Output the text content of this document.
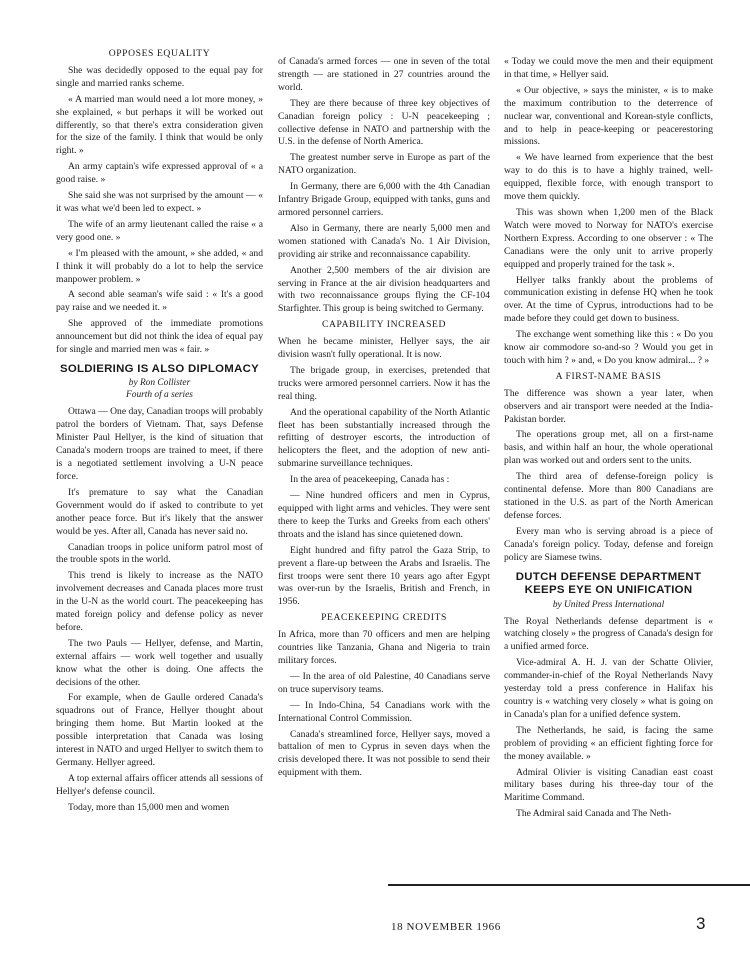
OPPOSES EQUALITY

She was decidedly opposed to the equal pay for single and married ranks scheme.

« A married man would need a lot more money, » she explained, « but perhaps it will be worked out differently, so that there's extra consideration given for the size of the family. I think that would be only right. »

An army captain's wife expressed approval of « a good raise. »

She said she was not surprised by the amount — « it was what we'd been led to expect. »

The wife of an army lieutenant called the raise « a very good one. »

« I'm pleased with the amount, » she added, « and I think it will probably do a lot to help the service manpower problem. »

A second able seaman's wife said : « It's a good pay raise and we needed it. »

She approved of the immediate promotions announcement but did not think the idea of equal pay for single and married men was « fair. »

SOLDIERING IS ALSO DIPLOMACY
by Ron Collister
Fourth of a series

Ottawa — One day, Canadian troops will probably patrol the borders of Vietnam. That, says Defense Minister Paul Hellyer, is the kind of situation that Canada's modern troops are trained to meet, if there is a negotiated settlement involving a U-N peace force.

It's premature to say what the Canadian Government would do if asked to contribute to yet another peace force. But it's likely that the answer would be yes. After all, Canada has never said no.

Canadian troops in police uniform patrol most of the trouble spots in the world.

This trend is likely to increase as the NATO involvement decreases and Canada places more trust in the U-N as the world court. The peacekeeping has mated foreign policy and defense policy as never before.

The two Pauls — Hellyer, defense, and Martin, external affairs — work well together and usually know what the other is doing. One affects the decisions of the other.

For example, when de Gaulle ordered Canada's squadrons out of France, Hellyer thought about bringing them home. But Martin looked at the possible interpretation that Canada was losing interest in NATO and urged Hellyer to switch them to Germany. Hellyer agreed.

A top external affairs officer attends all sessions of Hellyer's defense council.

Today, more than 15,000 men and women

of Canada's armed forces — one in seven of the total strength — are stationed in 27 countries around the world.

They are there because of three key objectives of Canadian foreign policy : U-N peacekeeping ; collective defense in NATO and partnership with the U.S. in the defense of North America.

The greatest number serve in Europe as part of the NATO organization.

In Germany, there are 6,000 with the 4th Canadian Infantry Brigade Group, equipped with tanks, guns and armored personnel carriers.

Also in Germany, there are nearly 5,000 men and women stationed with Canada's No. 1 Air Division, providing air strike and reconnaissance capability.

Another 2,500 members of the air division are serving in France at the air division headquarters and with two reconnaissance groups flying the CF-104 Starfighter. This group is being switched to Germany.

CAPABILITY INCREASED

When he became minister, Hellyer says, the air division wasn't fully operational. It is now.

The brigade group, in exercises, pretended that trucks were armored personnel carriers. Now it has the real thing.

And the operational capability of the North Atlantic fleet has been substantially increased through the refitting of destroyer escorts, the introduction of helicopters the fleet, and the adoption of new anti-submarine surveillance techniques.

In the area of peacekeeping, Canada has :

— Nine hundred officers and men in Cyprus, equipped with light arms and vehicles. They were sent there to keep the Turks and Greeks from each others' throats and the island has since quietened down.

Eight hundred and fifty patrol the Gaza Strip, to prevent a flare-up between the Arabs and Israelis. The first troops were sent there 10 years ago after Egypt was over-run by the Israelis, British and French, in 1956.

PEACEKEEPING CREDITS

In Africa, more than 70 officers and men are helping countries like Tanzania, Ghana and Nigeria to train military forces.

— In the area of old Palestine, 40 Canadians serve on truce supervisory teams.

— In Indo-China, 54 Canadians work with the International Control Commission.

Canada's streamlined force, Hellyer says, moved a battalion of men to Cyprus in seven days when the crisis developed there. It was not possible to send their equipment with them.

« Today we could move the men and their equipment in that time, » Hellyer said.

« Our objective, » says the minister, « is to make the maximum contribution to the deterrence of nuclear war, conventional and Korean-style conflicts, and to help in peace-keeping or peacerestoring missions.

« We have learned from experience that the best way to do this is to have a highly trained, well-equipped, flexible force, with enough transport to move them quickly.

This was shown when 1,200 men of the Black Watch were moved to Norway for NATO's exercise Northern Express. According to one observer : « The Canadians were the only unit to arrive properly equipped and properly trained for the task ».

Hellyer talks frankly about the problems of communication existing in defense HQ when he took over. At the time of Cyprus, introductions had to be made before they could get down to business.

The exchange went something like this : « Do you know air commodore so-and-so ? Would you get in touch with him ? » and, « Do you know admiral... ? »

A FIRST-NAME BASIS

The difference was shown a year later, when observers and air transport were needed at the India-Pakistan border.

The operations group met, all on a first-name basis, and within half an hour, the whole operational plan was worked out and orders sent to the units.

The third area of defense-foreign policy is continental defense. More than 800 Canadians are stationed in the U.S. as part of the North American defense forces.

Every man who is serving abroad is a piece of Canada's foreign policy. Today, defense and foreign policy are Siamese twins.

DUTCH DEFENSE DEPARTMENT KEEPS EYE ON UNIFICATION
by United Press International

The Royal Netherlands defense department is « watching closely » the progress of Canada's design for a unified armed force.

Vice-admiral A. H. J. van der Schatte Olivier, commander-in-chief of the Royal Netherlands Navy yesterday told a press conference in Halifax his country is « watching very closely » what is going on in Canada's plan for a unified defence system.

The Netherlands, he said, is facing the same problem of providing « an efficient fighting force for the money available. »

Admiral Olivier is visiting Canadian east coast military bases during his three-day tour of the Maritime Command.

The Admiral said Canada and The Neth-

18 NOVEMBER 1966	3
